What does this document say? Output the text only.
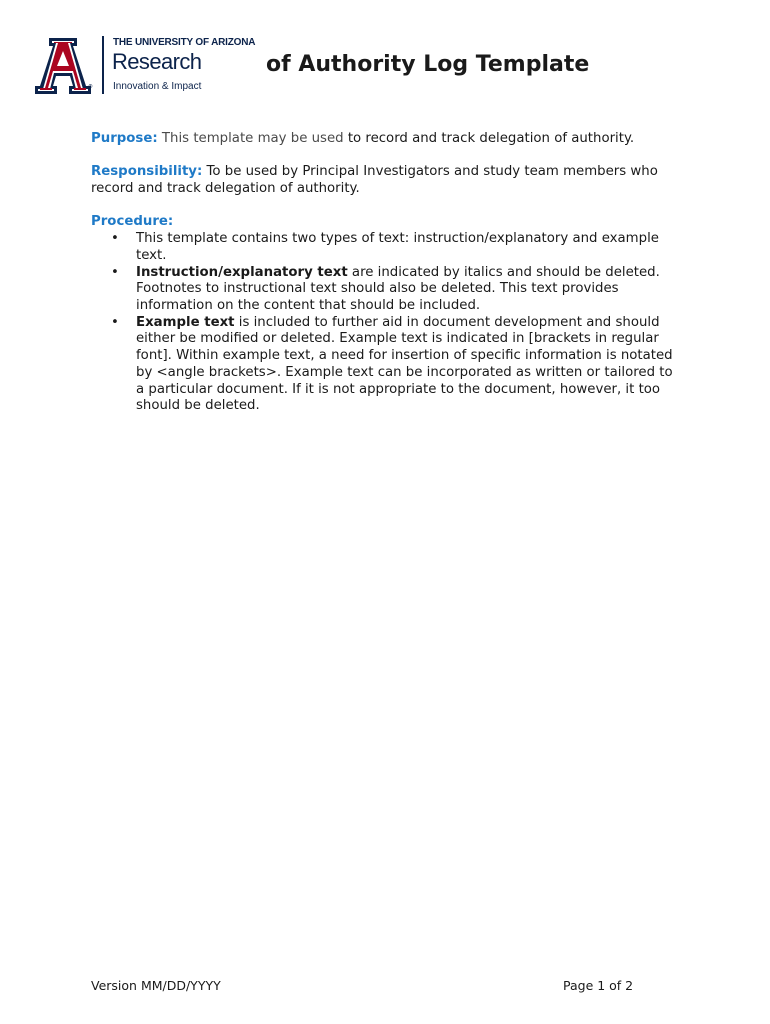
®
THE UNIVERSITY OF ARIZONA
Research
Innovation & Impact
of Authority Log Template

Purpose: This template may be used to record and track delegation of authority.

Responsibility: To be used by Principal Investigators and study team members who record and track delegation of authority.

Procedure:
• This template contains two types of text: instruction/explanatory and example text.
• Instruction/explanatory text are indicated by italics and should be deleted. Footnotes to instructional text should also be deleted. This text provides information on the content that should be included.
• Example text is included to further aid in document development and should either be modified or deleted. Example text is indicated in [brackets in regular font]. Within example text, a need for insertion of specific information is notated by <angle brackets>. Example text can be incorporated as written or tailored to a particular document. If it is not appropriate to the document, however, it too should be deleted.
Version MM/DD/YYYY	Page 1 of 2
